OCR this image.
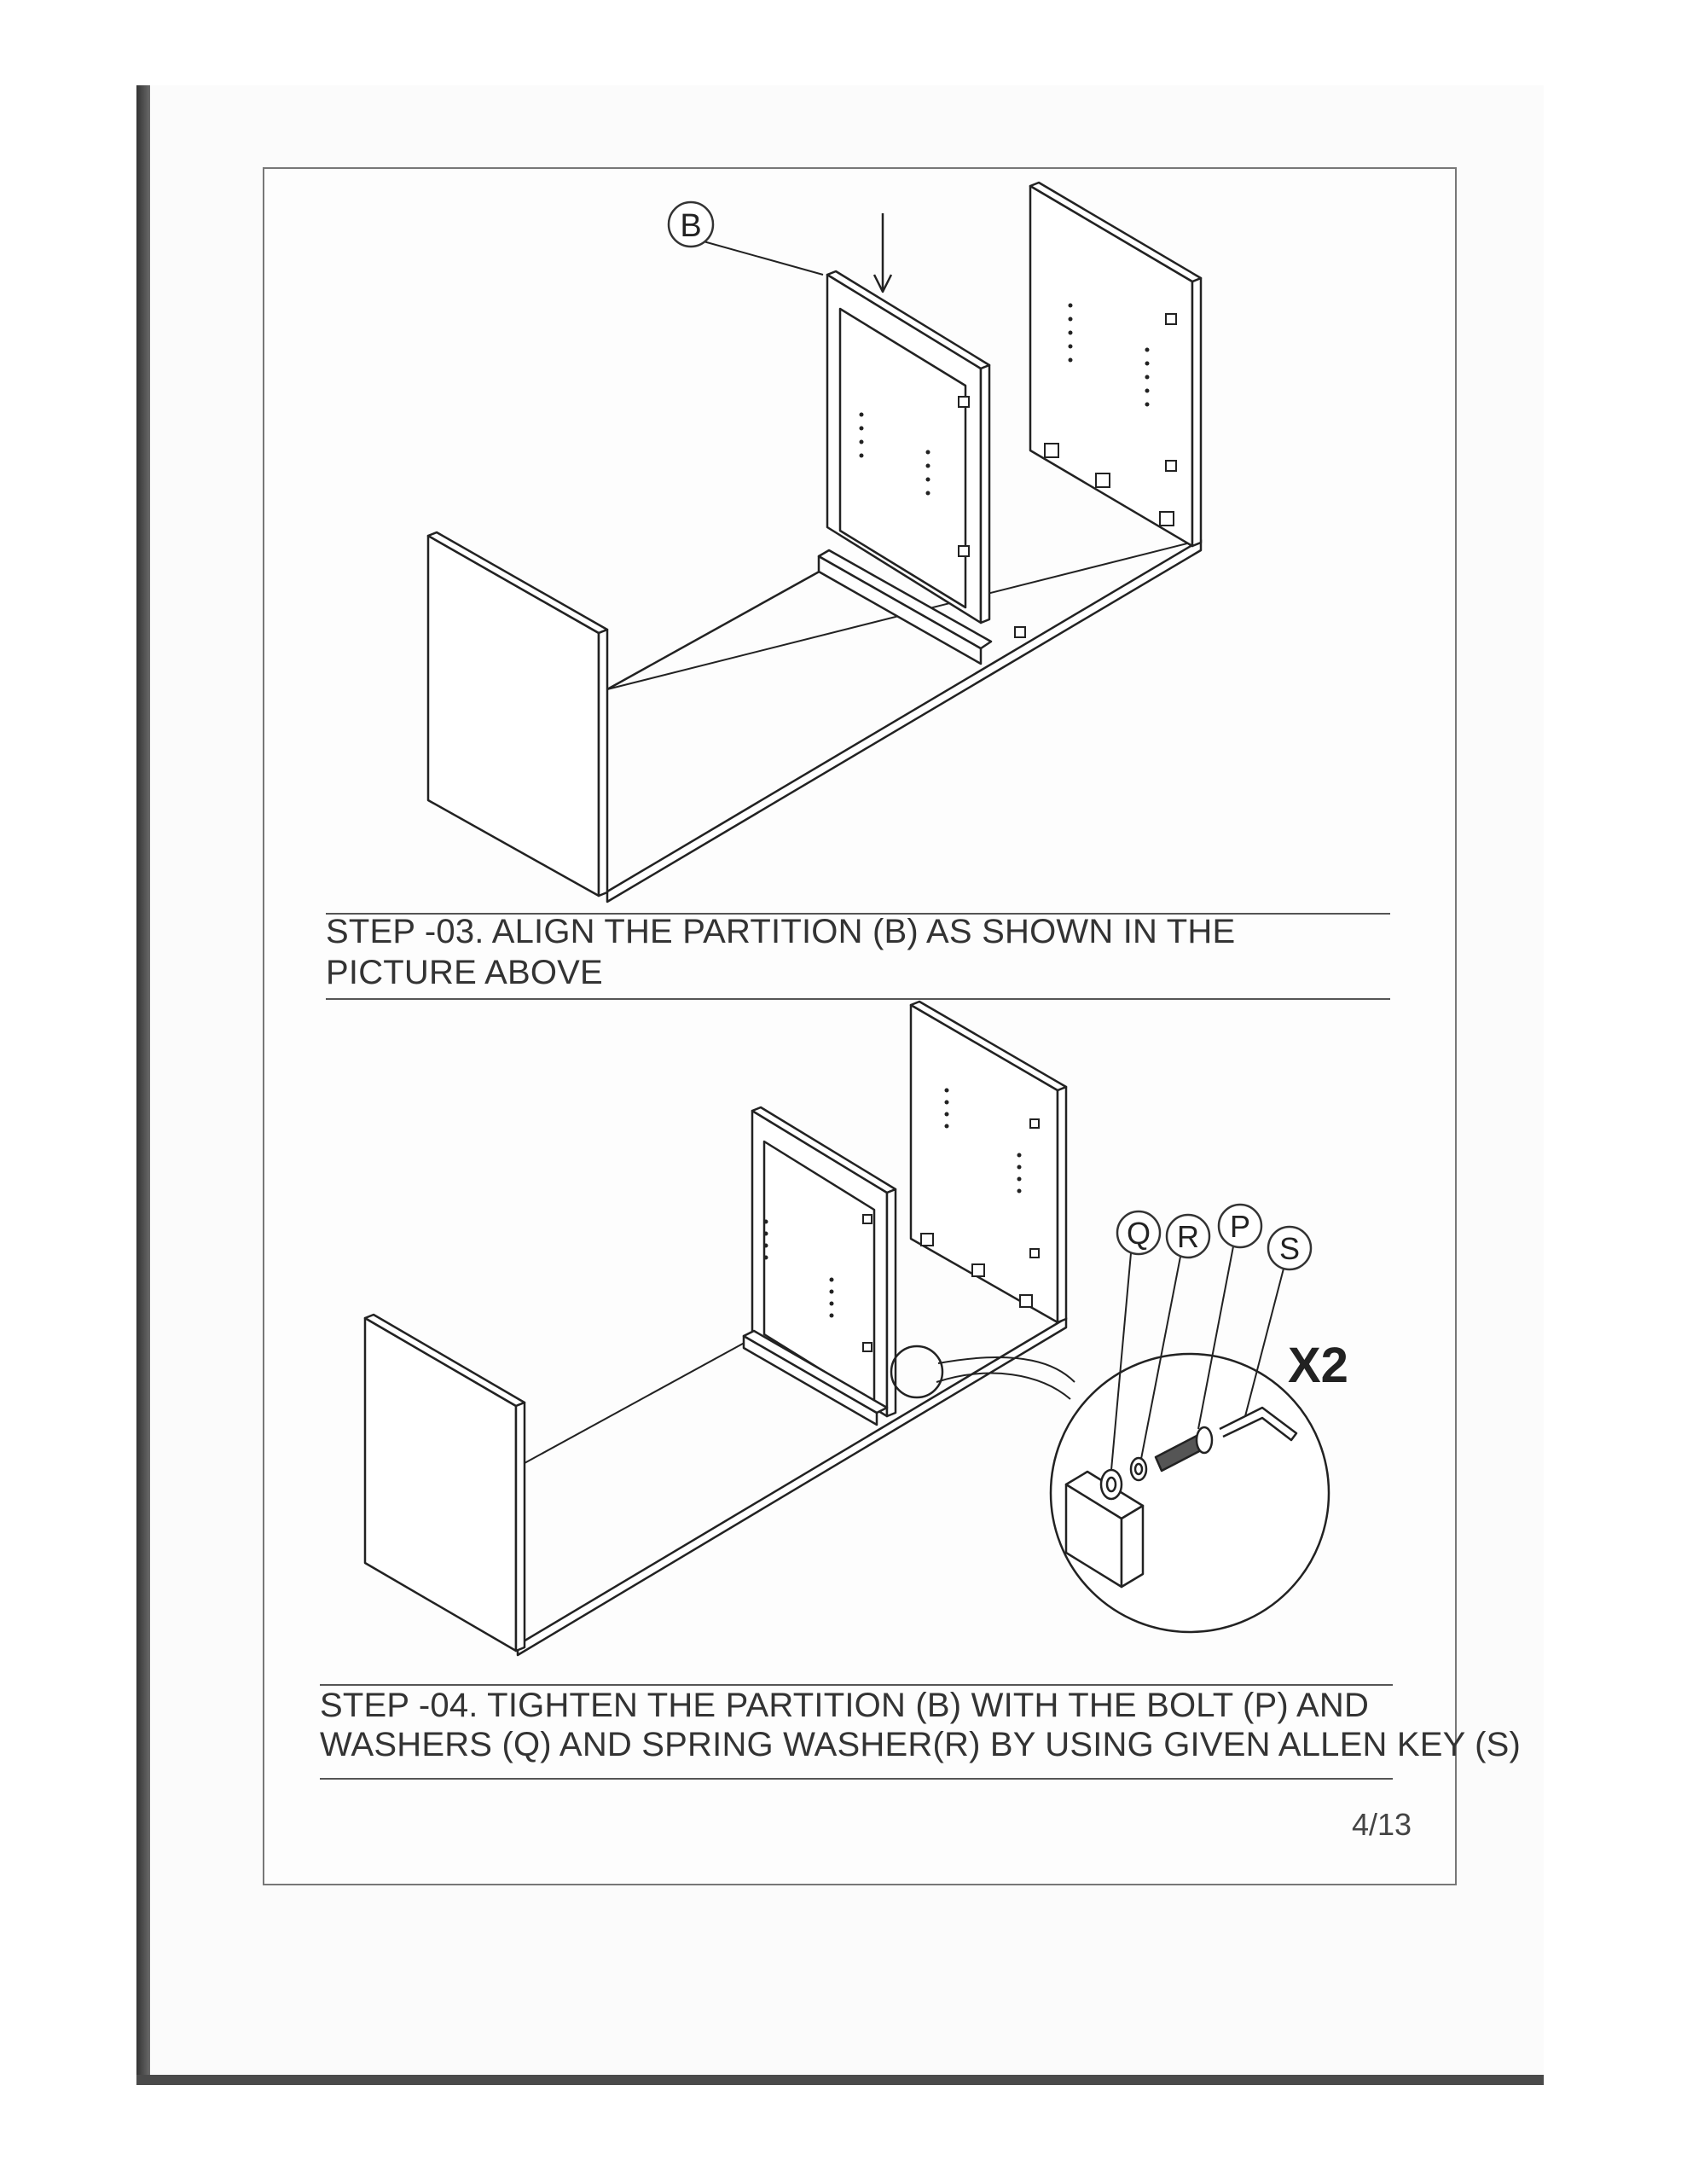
B
STEP -03. ALIGN THE PARTITION (B) AS SHOWN IN THE
PICTURE ABOVE
Q R P
S
X2
STEP -04. TIGHTEN THE PARTITION (B) WITH THE BOLT (P) AND
WASHERS (Q) AND SPRING WASHER(R) BY USING GIVEN ALLEN KEY (S)
4/13
